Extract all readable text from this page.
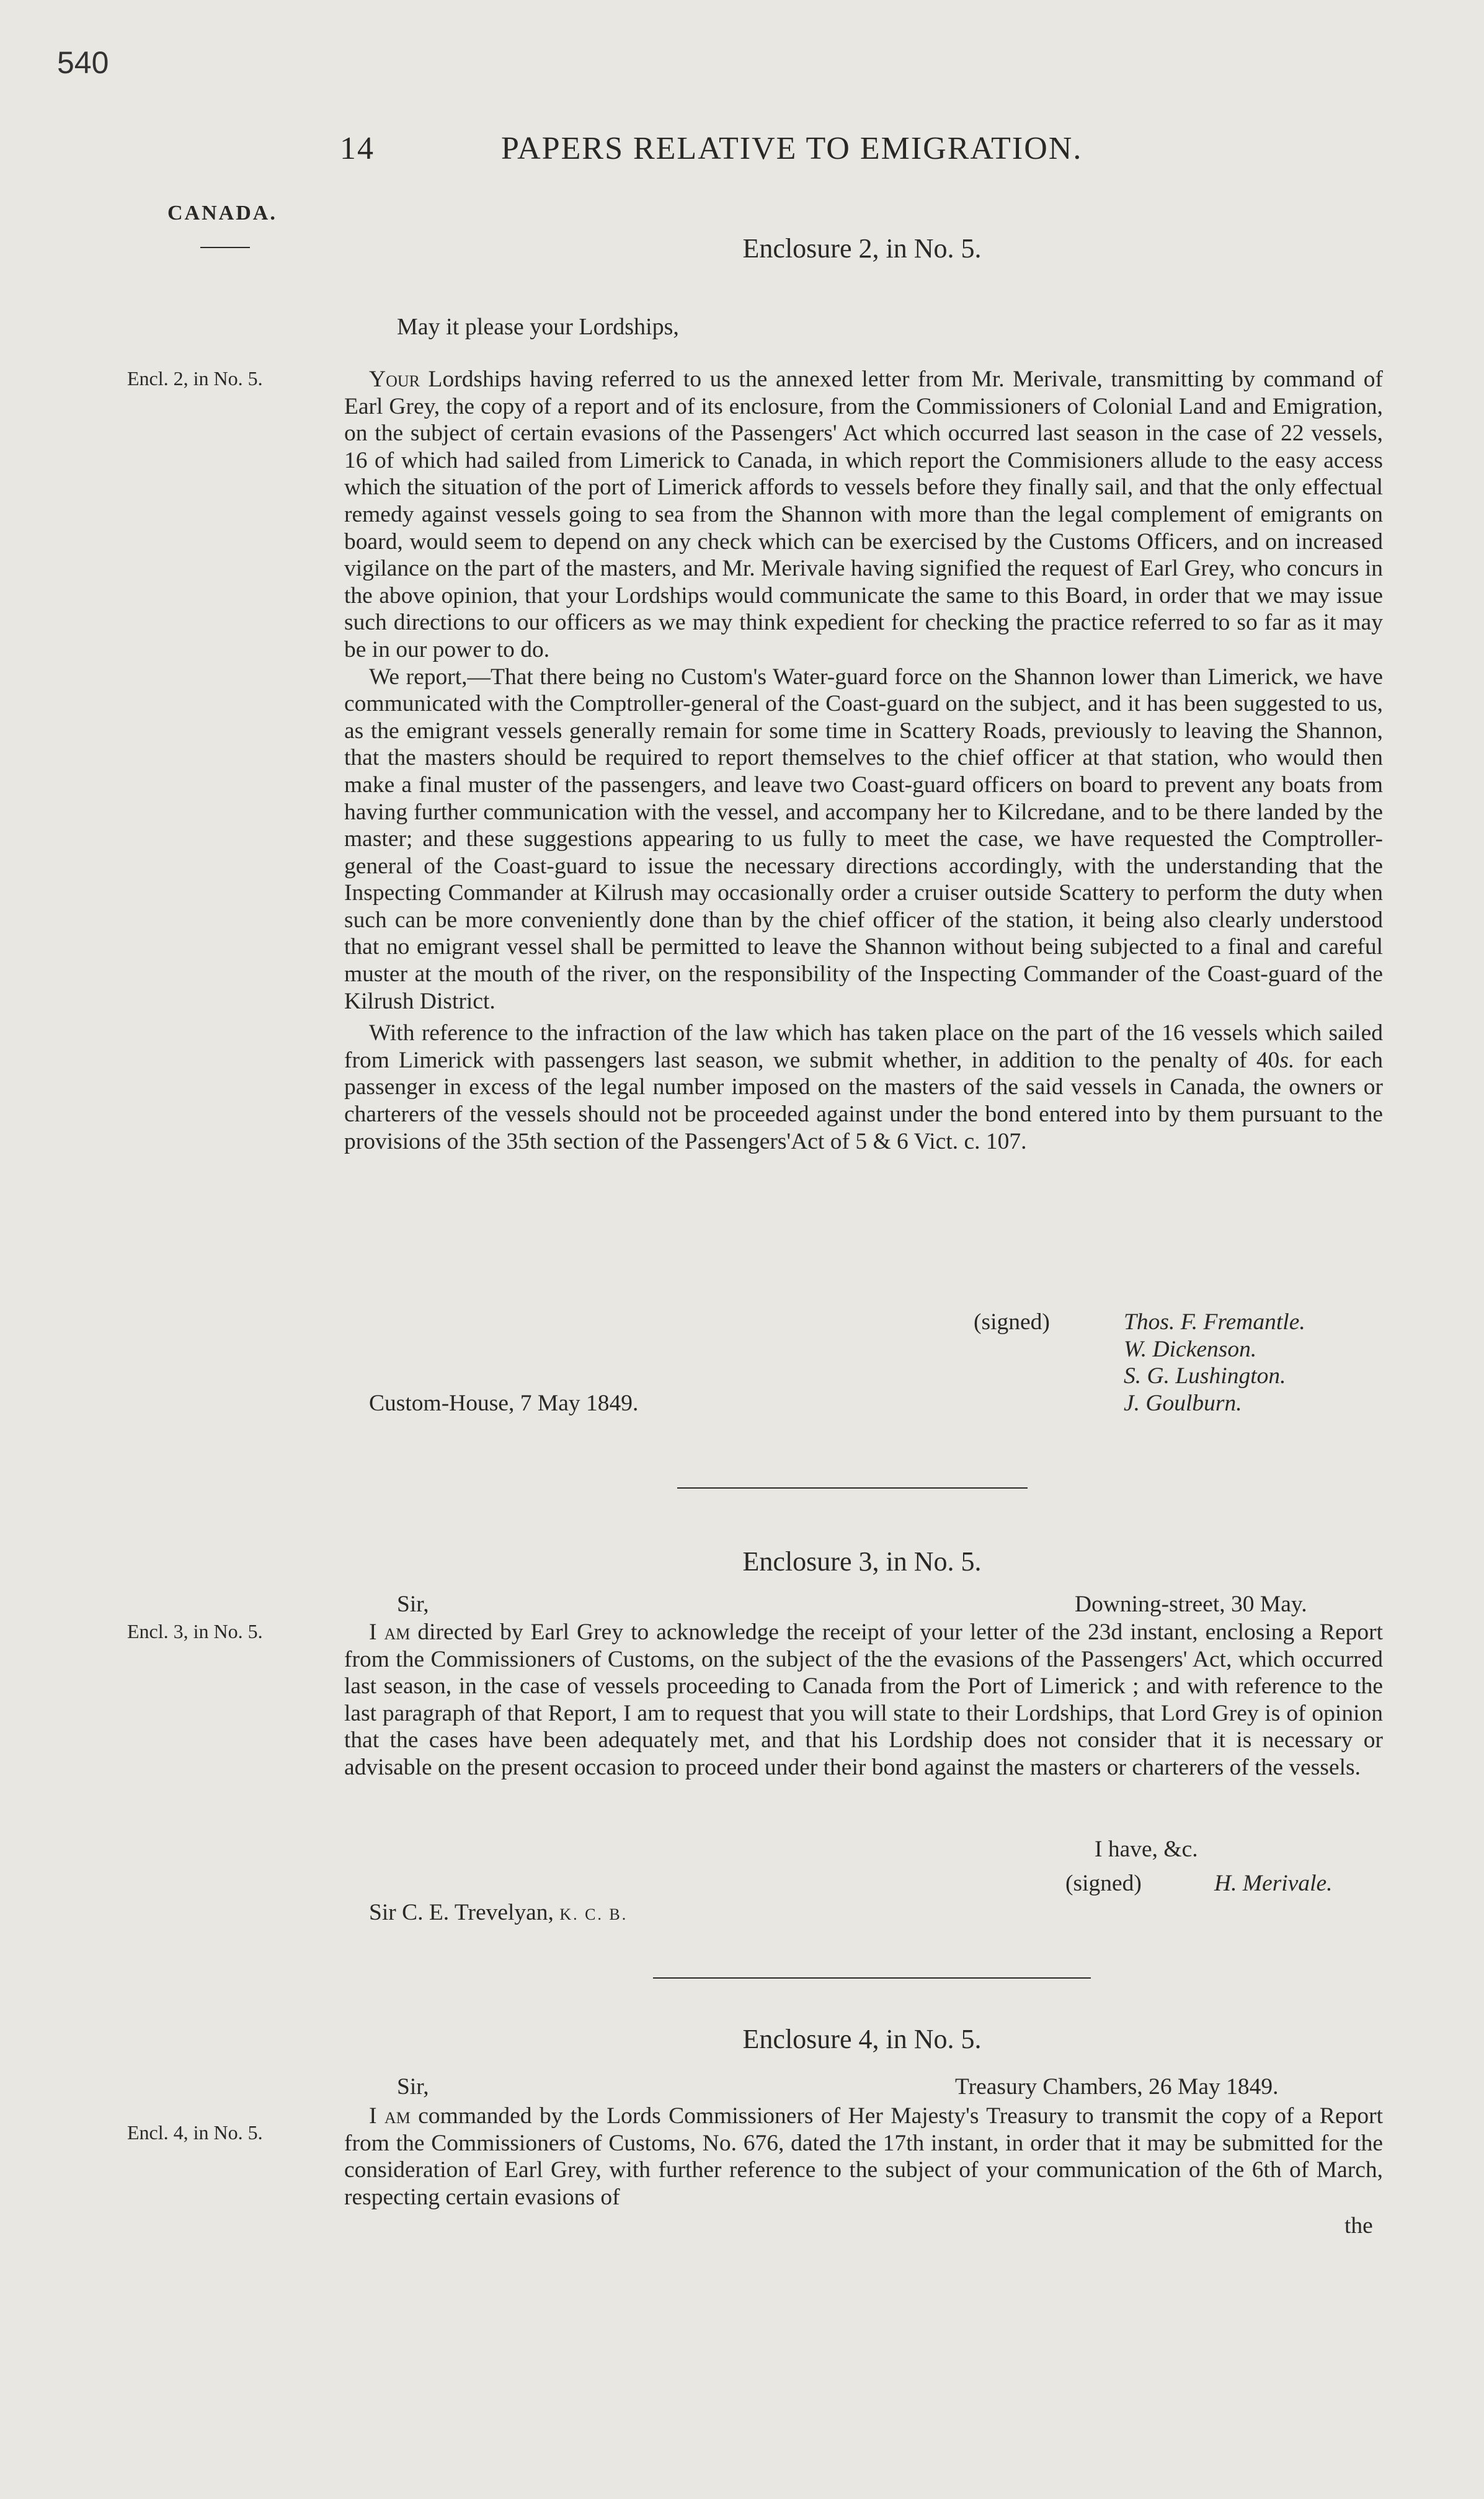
540
14	PAPERS RELATIVE TO EMIGRATION.
CANADA.
Enclosure 2, in No. 5.
May it please your Lordships,
Encl. 2, in No. 5.	Your Lordships having referred to us the annexed letter from Mr. Merivale, transmitting by command of Earl Grey, the copy of a report and of its enclosure, from the Commissioners of Colonial Land and Emigration, on the subject of certain evasions of the Passengers' Act which occurred last season in the case of 22 vessels, 16 of which had sailed from Limerick to Canada, in which report the Commisioners allude to the easy access which the situation of the port of Limerick affords to vessels before they finally sail, and that the only effectual remedy against vessels going to sea from the Shannon with more than the legal complement of emigrants on board, would seem to depend on any check which can be exercised by the Customs Officers, and on increased vigilance on the part of the masters, and Mr. Merivale having signified the request of Earl Grey, who concurs in the above opinion, that your Lordships would communicate the same to this Board, in order that we may issue such directions to our officers as we may think expedient for checking the practice referred to so far as it may be in our power to do.

We report,—That there being no Custom's Water-guard force on the Shannon lower than Limerick, we have communicated with the Comptroller-general of the Coast-guard on the subject, and it has been suggested to us, as the emigrant vessels generally remain for some time in Scattery Roads, previously to leaving the Shannon, that the masters should be required to report themselves to the chief officer at that station, who would then make a final muster of the passengers, and leave two Coast-guard officers on board to prevent any boats from having further communication with the vessel, and accompany her to Kilcredane, and to be there landed by the master; and these suggestions appearing to us fully to meet the case, we have requested the Comptroller-general of the Coast-guard to issue the necessary directions accordingly, with the understanding that the Inspecting Commander at Kilrush may occasionally order a cruiser outside Scattery to perform the duty when such can be more conveniently done than by the chief officer of the station, it being also clearly understood that no emigrant vessel shall be permitted to leave the Shannon without being subjected to a final and careful muster at the mouth of the river, on the responsibility of the Inspecting Commander of the Coast-guard of the Kilrush District.

With reference to the infraction of the law which has taken place on the part of the 16 vessels which sailed from Limerick with passengers last season, we submit whether, in addition to the penalty of 40s. for each passenger in excess of the legal number imposed on the masters of the said vessels in Canada, the owners or charterers of the vessels should not be proceeded against under the bond entered into by them pursuant to the provisions of the 35th section of the Passengers'Act of 5 & 6 Vict. c. 107.

(signed)	Thos. F. Fremantle.
W. Dickenson.
S. G. Lushington.
J. Goulburn.
Custom-House, 7 May 1849.
Enclosure 3, in No. 5.
Sir,	Downing-street, 30 May.
Encl. 3, in No. 5.	I am directed by Earl Grey to acknowledge the receipt of your letter of the 23d instant, enclosing a Report from the Commissioners of Customs, on the subject of the the evasions of the Passengers' Act, which occurred last season, in the case of vessels proceeding to Canada from the Port of Limerick ; and with reference to the last paragraph of that Report, I am to request that you will state to their Lordships, that Lord Grey is of opinion that the cases have been adequately met, and that his Lordship does not consider that it is necessary or advisable on the present occasion to proceed under their bond against the masters or charterers of the vessels.

I have, &c.
(signed)	H. Merivale.
Sir C. E. Trevelyan, K. C. B.
Enclosure 4, in No. 5.
Sir,	Treasury Chambers, 26 May 1849.
Encl. 4, in No. 5.

I am commanded by the Lords Commissioners of Her Majesty's Treasury to transmit the copy of a Report from the Commissioners of Customs, No. 676, dated the 17th instant, in order that it may be submitted for the consideration of Earl Grey, with further reference to the subject of your communication of the 6th of March, respecting certain evasions of

the
